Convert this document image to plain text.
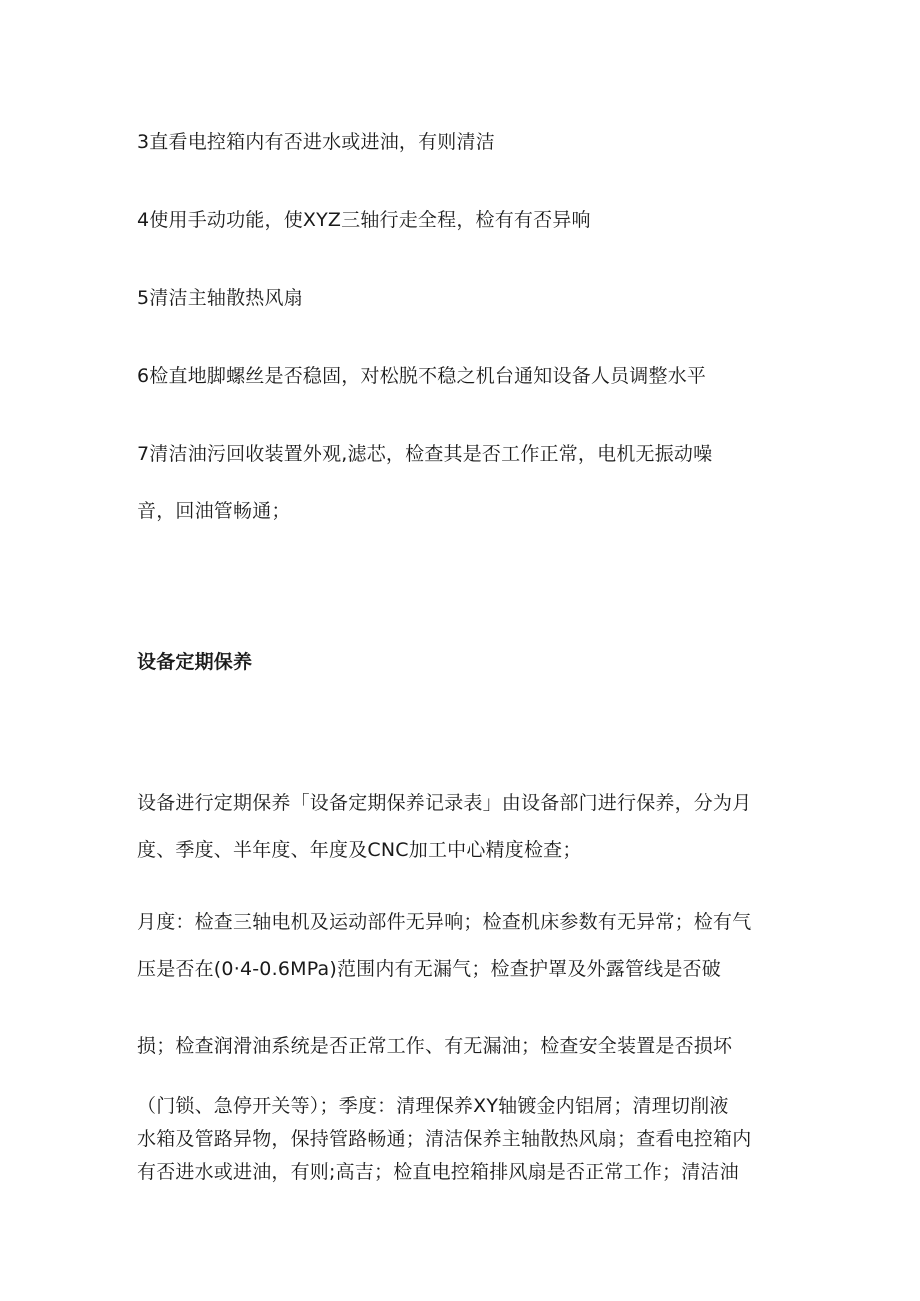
3直看电控箱内有否进水或进油，有则清洁
4使用手动功能，使XYZ三轴行走全程，检有有否异响
5清洁主轴散热风扇
6检直地脚螺丝是否稳固，对松脱不稳之机台通知设备人员调整水平
7清洁油污回收装置外观,滤芯，检查其是否工作正常，电机无振动噪
音，回油管畅通；
设备定期保养
设备进行定期保养「设备定期保养记录表」由设备部门进行保养，分为月
度、季度、半年度、年度及CNC加工中心精度检查；
月度：检查三轴电机及运动部件无异响；检查机床参数有无异常；检有气
压是否在(0·4-0.6MPa)范围内有无漏气；检查护罩及外露管线是否破
损；检查润滑油系统是否正常工作、有无漏油；检查安全装置是否损坏
（门锁、急停开关等）；季度：清理保养XY轴镀金内铝屑；清理切削液
水箱及管路异物，保持管路畅通；清洁保养主轴散热风扇；查看电控箱内
有否进水或进油，有则;高吉；检直电控箱排风扇是否正常工作；清洁油
